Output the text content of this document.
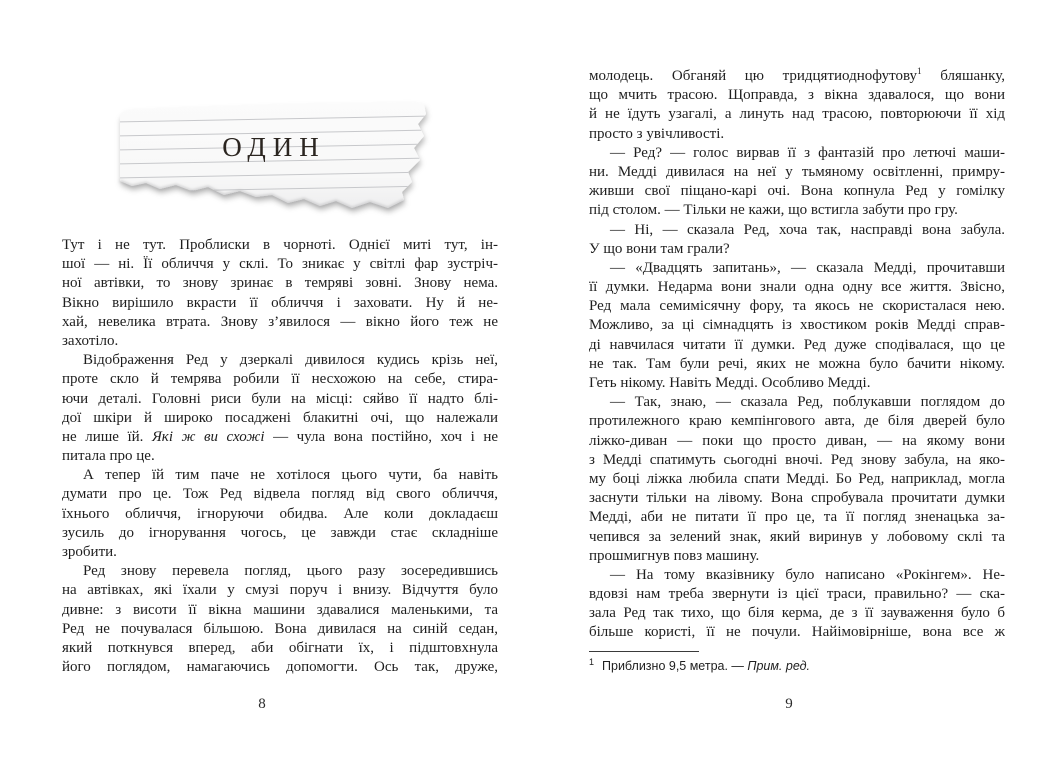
ОДИН
Тут і не тут. Проблиски в чорноті. Однієї миті тут, ін-
шої — ні. Її обличчя у склі. То зникає у світлі фар зустріч-
ної автівки, то знову зринає в темряві зовні. Знову нема.
Вікно вирішило вкрасти її обличчя і заховати. Ну й не-
хай, невелика втрата. Знову з’явилося — вікно його теж не
захотіло.
Відображення Ред у дзеркалі дивилося кудись крізь неї,
проте скло й темрява робили її несхожою на себе, стира-
ючи деталі. Головні риси були на місці: сяйво її надто блі-
дої шкіри й широко посаджені блакитні очі, що належали
не лише їй. Які ж ви схожі — чула вона постійно, хоч і не
питала про це.
А тепер їй тим паче не хотілося цього чути, ба навіть
думати про це. Тож Ред відвела погляд від свого обличчя,
їхнього обличчя, ігноруючи обидва. Але коли докладаєш
зусиль до ігнорування чогось, це завжди стає складніше
зробити.
Ред знову перевела погляд, цього разу зосередившись
на автівках, які їхали у смузі поруч і внизу. Відчуття було
дивне: з висоти її вікна машини здавалися маленькими, та
Ред не почувалася більшою. Вона дивилася на синій седан,
який поткнувся вперед, аби обігнати їх, і підштовхнула
його поглядом, намагаючись допомогти. Ось так, друже,
8
молодець. Обганяй цю тридцятиоднофутову$^1$ бляшанку,
що мчить трасою. Щоправда, з вікна здавалося, що вони
й не їдуть узагалі, а линуть над трасою, повторюючи її хід
просто з увічливості.
— Ред? — голос вирвав її з фантазій про летючі маши-
ни. Медді дивилася на неї у тьмяному освітленні, примру-
живши свої піщано-карі очі. Вона копнула Ред у гомілку
під столом. — Тільки не кажи, що встигла забути про гру.
— Ні, — сказала Ред, хоча так, насправді вона забула.
У що вони там грали?
— «Двадцять запитань», — сказала Медді, прочитавши
її думки. Недарма вони знали одна одну все життя. Звісно,
Ред мала семимісячну фору, та якось не скористалася нею.
Можливо, за ці сімнадцять із хвостиком років Медді справ-
ді навчилася читати її думки. Ред дуже сподівалася, що це
не так. Там були речі, яких не можна було бачити нікому.
Геть нікому. Навіть Медді. Особливо Медді.
— Так, знаю, — сказала Ред, поблукавши поглядом до
протилежного краю кемпінгового авта, де біля дверей було
ліжко-диван — поки що просто диван, — на якому вони
з Медді спатимуть сьогодні вночі. Ред знову забула, на яко-
му боці ліжка любила спати Медді. Бо Ред, наприклад, могла
заснути тільки на лівому. Вона спробувала прочитати думки
Медді, аби не питати її про це, та її погляд зненацька за-
чепився за зелений знак, який виринув у лобовому склі та
прошмигнув повз машину.
— На тому вказівнику було написано «Рокінгем». Не-
вдовзі нам треба звернути із цієї траси, правильно? — ска-
зала Ред так тихо, що біля керма, де з її зауваження було б
більше користі, її не почули. Найімовірніше, вона все ж
$^1$ Приблизно 9,5 метра. — Прим. ред.
9
